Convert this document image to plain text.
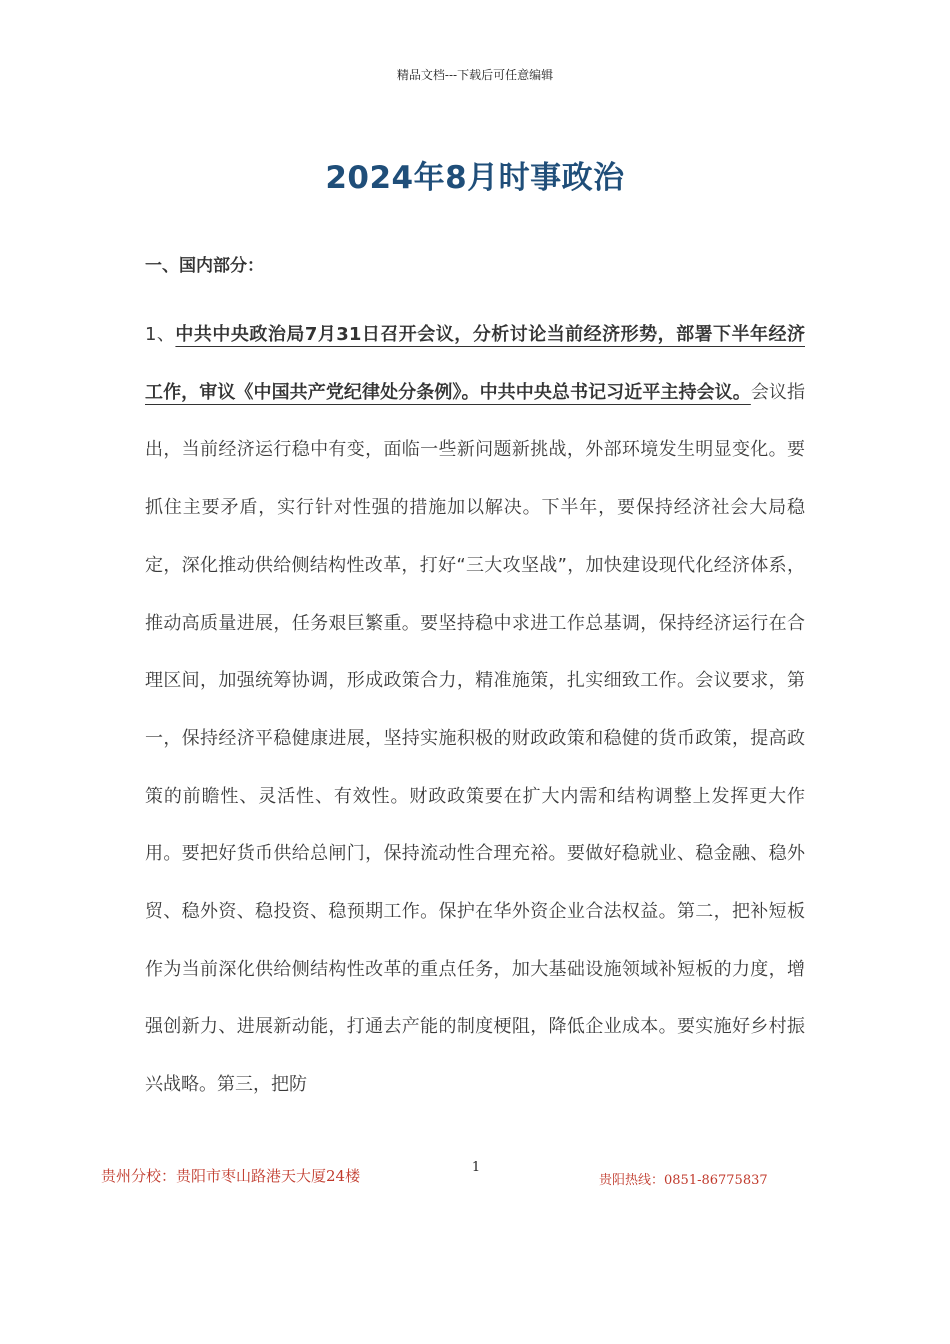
精品文档---下载后可任意编辑
2024年8月时事政治
一、国内部分：

1、中共中央政治局7月31日召开会议，分析讨论当前经济形势，部署下半年经济工作，审议《中国共产党纪律处分条例》。中共中央总书记习近平主持会议。会议指出，当前经济运行稳中有变，面临一些新问题新挑战，外部环境发生明显变化。要抓住主要矛盾，实行针对性强的措施加以解决。下半年，要保持经济社会大局稳定，深化推动供给侧结构性改革，打好“三大攻坚战”，加快建设现代化经济体系，推动高质量进展，任务艰巨繁重。要坚持稳中求进工作总基调，保持经济运行在合理区间，加强统筹协调，形成政策合力，精准施策，扎实细致工作。会议要求，第一，保持经济平稳健康进展，坚持实施积极的财政政策和稳健的货币政策，提高政策的前瞻性、灵活性、有效性。财政政策要在扩大内需和结构调整上发挥更大作用。要把好货币供给总闸门，保持流动性合理充裕。要做好稳就业、稳金融、稳外贸、稳外资、稳投资、稳预期工作。保护在华外资企业合法权益。第二，把补短板作为当前深化供给侧结构性改革的重点任务，加大基础设施领域补短板的力度，增强创新力、进展新动能，打通去产能的制度梗阻，降低企业成本。要实施好乡村振兴战略。第三，把防

贵州分校：贵阳市枣山路港天大厦24楼	1
贵阳热线：0851-86775837
